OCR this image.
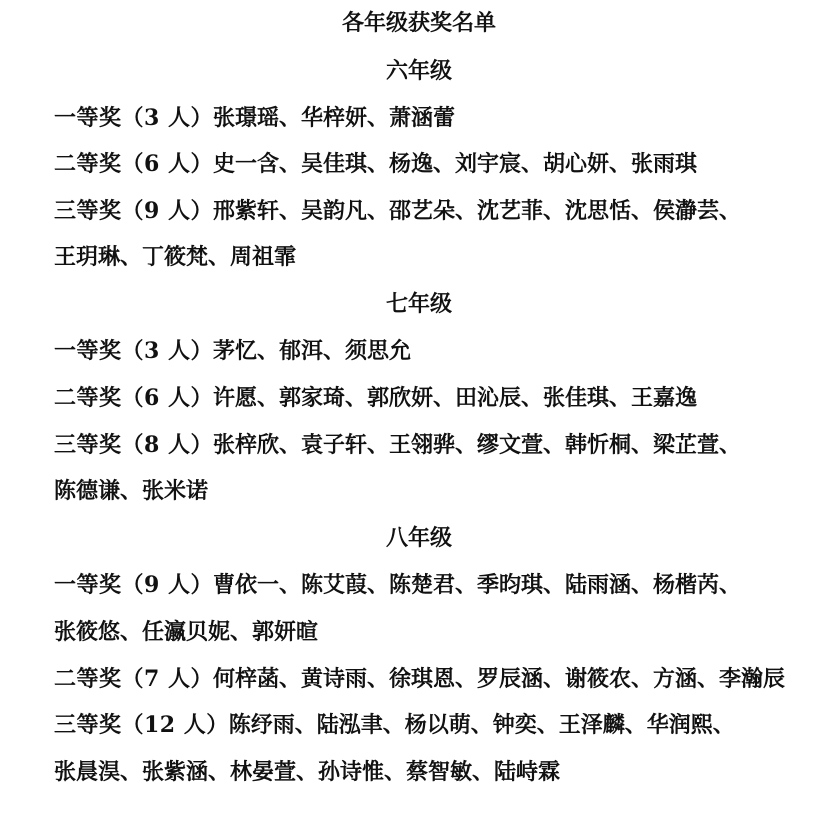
各年级获奖名单
六年级
一等奖（3 人）张璟瑶、华梓妍、萧涵蕾
二等奖（6 人）史一含、吴佳琪、杨逸、刘宇宸、胡心妍、张雨琪
三等奖（9 人）邢紫轩、吴韵凡、邵艺朵、沈艺菲、沈思恬、侯瀞芸、
王玥琳、丁筱梵、周祖霏
七年级
一等奖（3 人）茅忆、郁洱、须思允
二等奖（6 人）许愿、郭家琦、郭欣妍、田沁辰、张佳琪、王嘉逸
三等奖（8 人）张梓欣、袁子轩、王翎骅、缪文萱、韩忻桐、梁芷萱、
陈德谦、张米诺
八年级
一等奖（9 人）曹依一、陈艾葭、陈楚君、季昀琪、陆雨涵、杨楷芮、
张筱悠、任瀛贝妮、郭妍暄
二等奖（7 人）何梓菡、黄诗雨、徐琪恩、罗辰涵、谢筱农、方涵、李瀚辰
三等奖（12 人）陈纾雨、陆泓聿、杨以萌、钟奕、王泽麟、华润熙、
张晨淏、张紫涵、林晏萱、孙诗惟、蔡智敏、陆峙霖
